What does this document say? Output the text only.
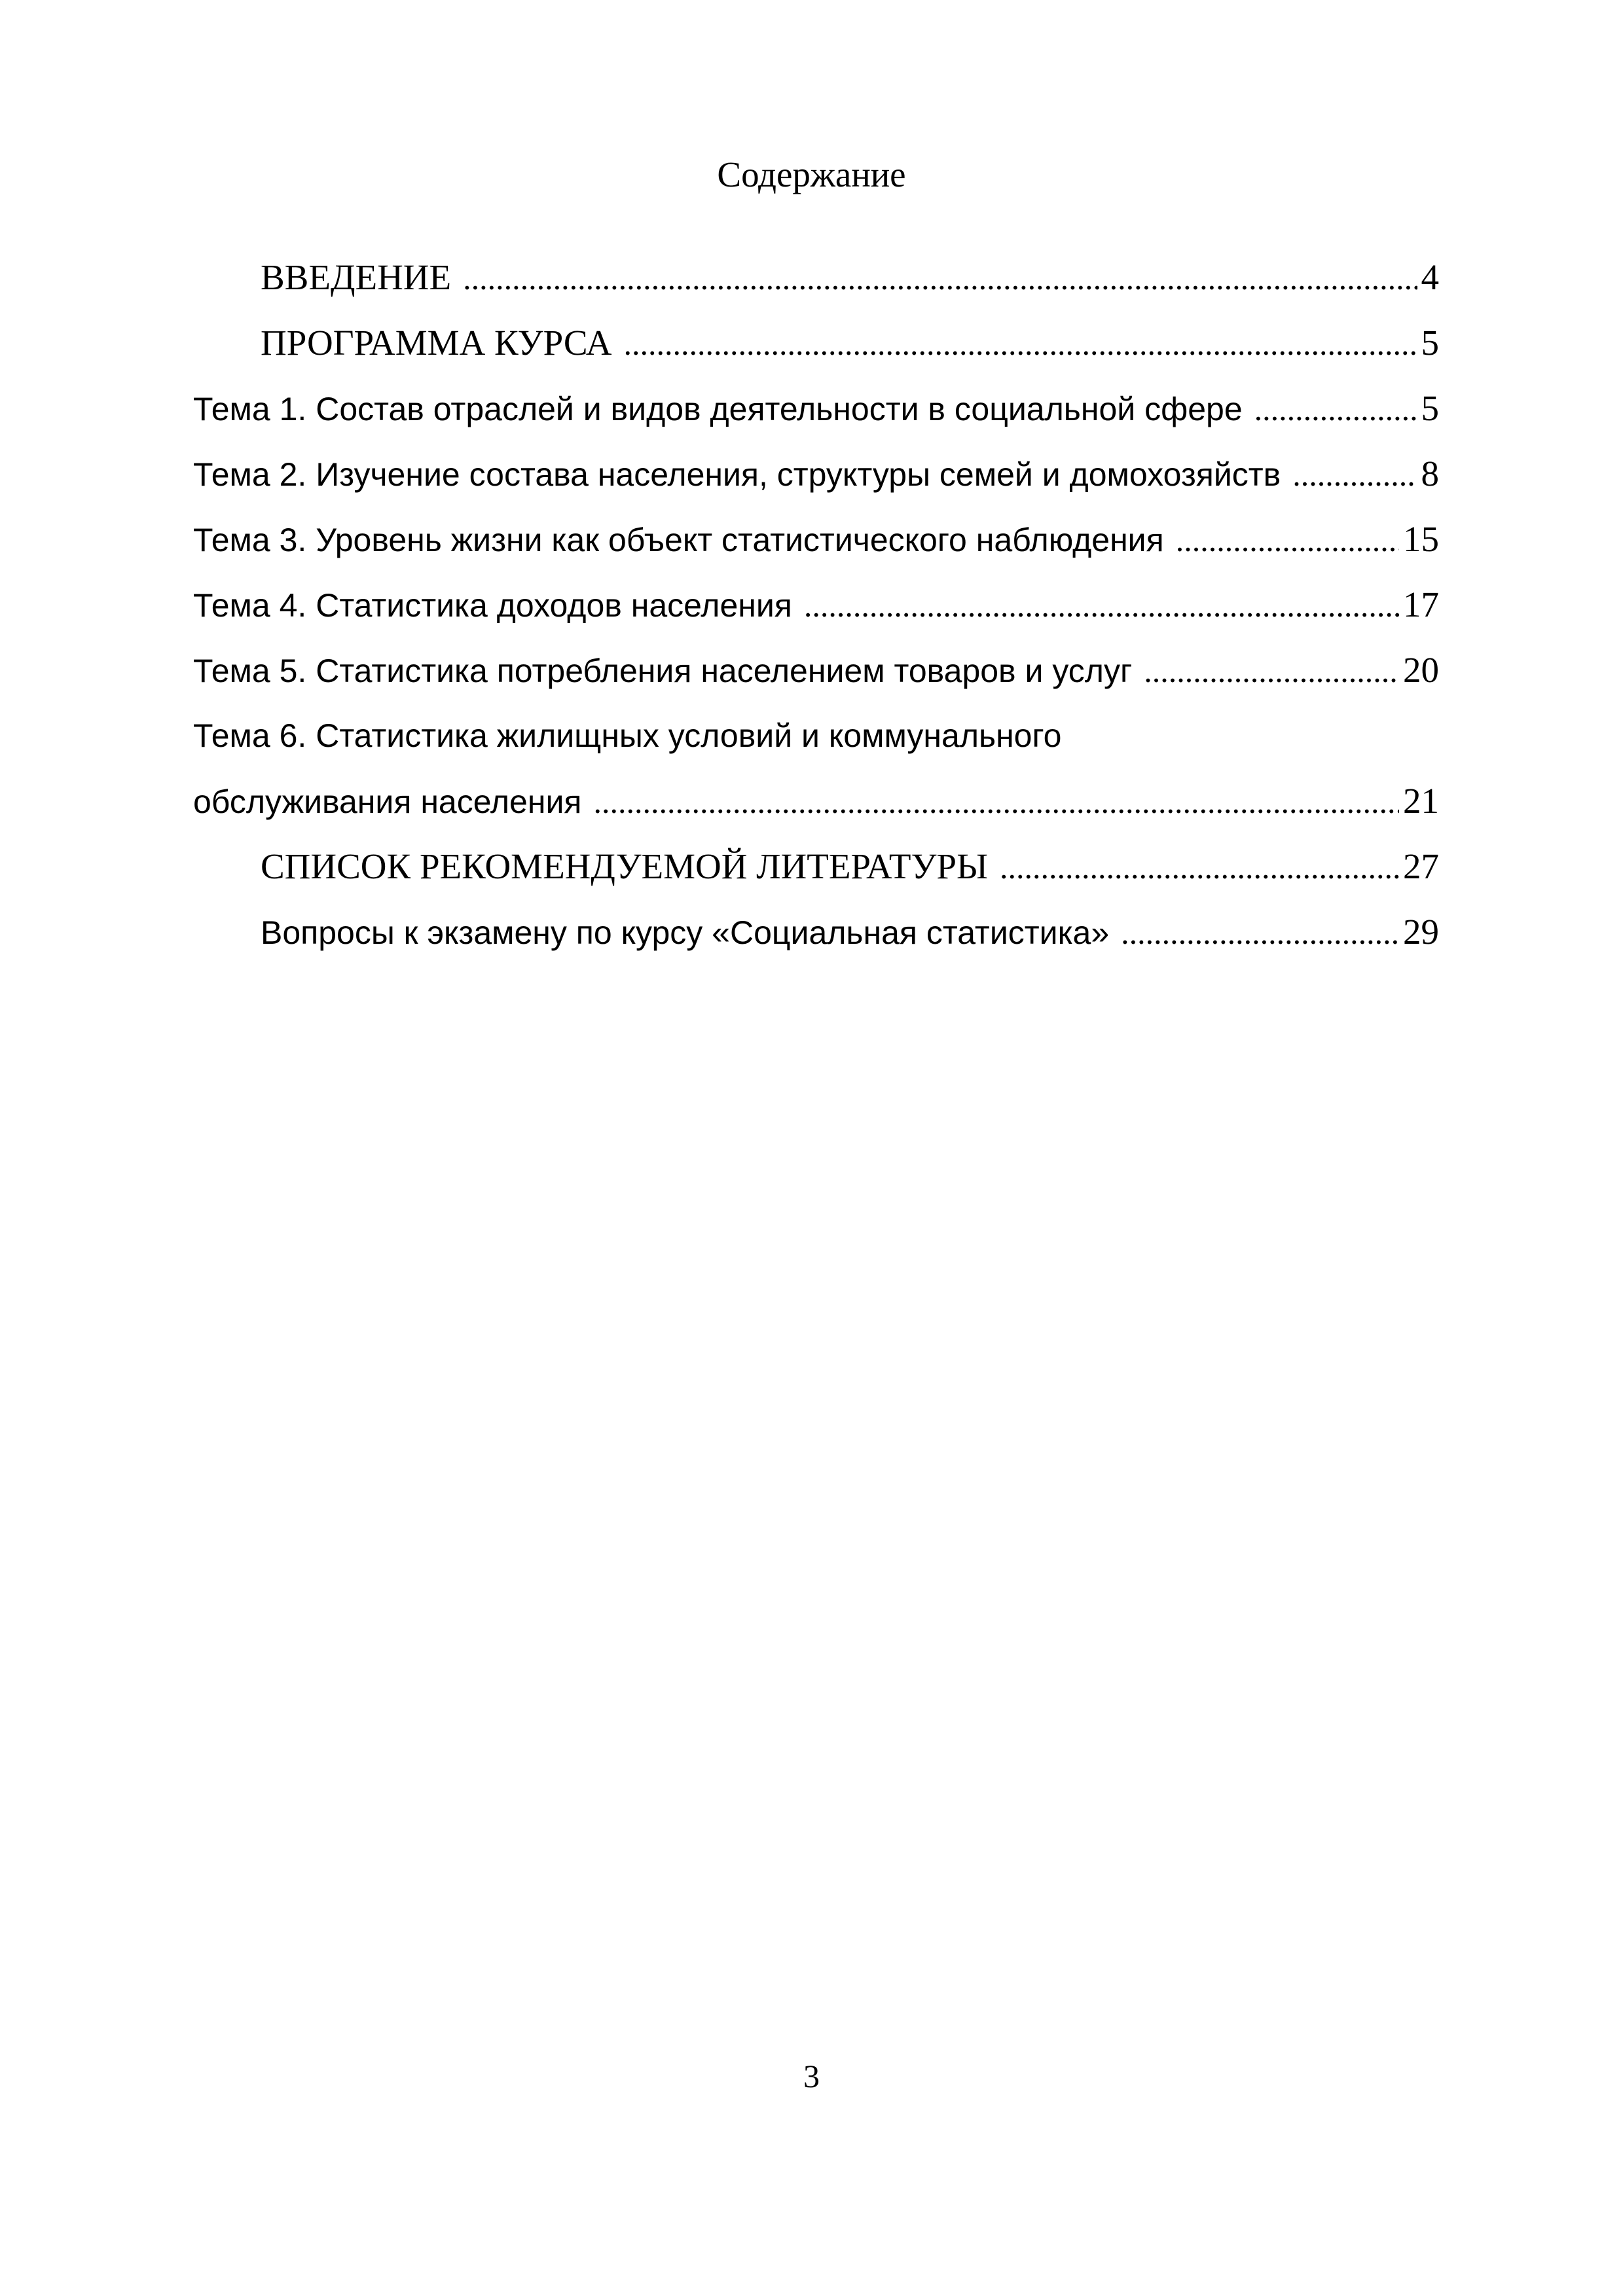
Содержание
ВВЕДЕНИЕ .....	4
ПРОГРАММА КУРСА .....	5
Тема 1. Состав отраслей и видов деятельности в социальной сфере .....	5
Тема 2. Изучение состава населения, структуры семей и домохозяйств .....	8
Тема 3. Уровень жизни как объект статистического наблюдения .....	15
Тема 4. Статистика доходов населения .....	17
Тема 5. Статистика потребления населением товаров и услуг .....	20
Тема 6. Статистика жилищных условий и коммунального
обслуживания населения .....	21
СПИСОК РЕКОМЕНДУЕМОЙ ЛИТЕРАТУРЫ .....	27
Вопросы к экзамену по курсу «Социальная статистика» .....	29
3
